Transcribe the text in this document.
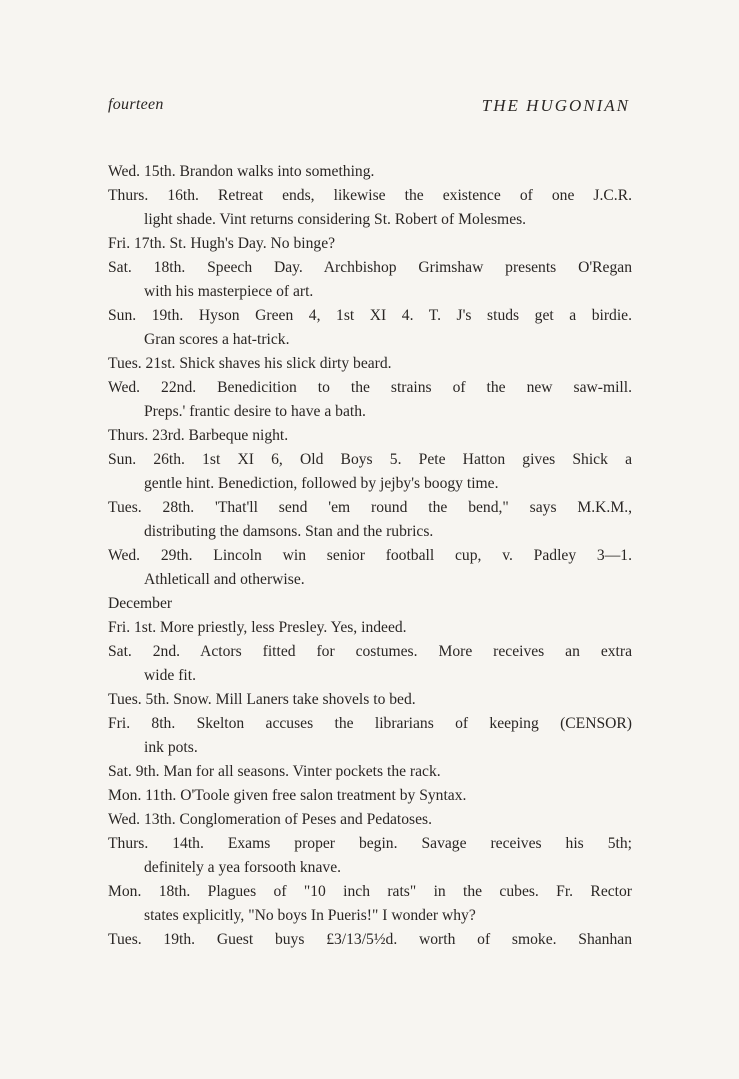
fourteen	THE HUGONIAN
Wed. 15th. Brandon walks into something.
Thurs. 16th. Retreat ends, likewise the existence of one J.C.R.
light shade. Vint returns considering St. Robert of Molesmes.
Fri. 17th. St. Hugh's Day. No binge?
Sat. 18th. Speech Day. Archbishop Grimshaw presents O'Regan
with his masterpiece of art.
Sun. 19th. Hyson Green 4, 1st XI 4. T. J's studs get a birdie.
Gran scores a hat-trick.
Tues. 21st. Shick shaves his slick dirty beard.
Wed. 22nd. Benedicition to the strains of the new saw-mill.
Preps.' frantic desire to have a bath.
Thurs. 23rd. Barbeque night.
Sun. 26th. 1st XI 6, Old Boys 5. Pete Hatton gives Shick a
gentle hint. Benediction, followed by jejby's boogy time.
Tues. 28th. 'That'll send 'em round the bend," says M.K.M.,
distributing the damsons. Stan and the rubrics.
Wed. 29th. Lincoln win senior football cup, v. Padley 3—1.
Athleticall and otherwise.
December
Fri. 1st. More priestly, less Presley. Yes, indeed.
Sat. 2nd. Actors fitted for costumes. More receives an extra
wide fit.
Tues. 5th. Snow. Mill Laners take shovels to bed.
Fri. 8th. Skelton accuses the librarians of keeping (CENSOR)
ink pots.
Sat. 9th. Man for all seasons. Vinter pockets the rack.
Mon. 11th. O'Toole given free salon treatment by Syntax.
Wed. 13th. Conglomeration of Peses and Pedatoses.
Thurs. 14th. Exams proper begin. Savage receives his 5th;
definitely a yea forsooth knave.
Mon. 18th. Plagues of "10 inch rats" in the cubes. Fr. Rector
states explicitly, "No boys In Pueris!" I wonder why?
Tues. 19th. Guest buys £3/13/5½d. worth of smoke. Shanhan
